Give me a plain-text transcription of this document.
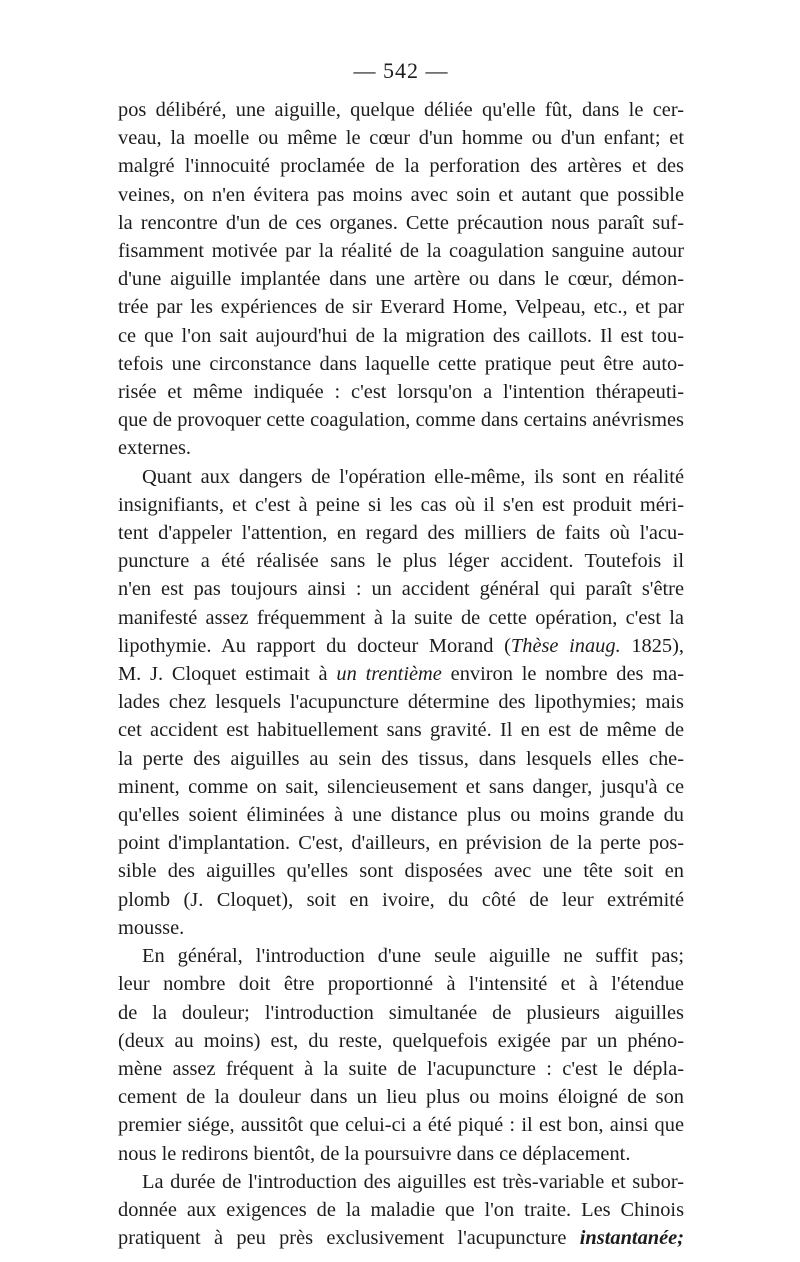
— 542 —

pos délibéré, une aiguille, quelque déliée qu'elle fût, dans le cer-
veau, la moelle ou même le cœur d'un homme ou d'un enfant; et
malgré l'innocuité proclamée de la perforation des artères et des
veines, on n'en évitera pas moins avec soin et autant que possible
la rencontre d'un de ces organes. Cette précaution nous paraît suf-
fisamment motivée par la réalité de la coagulation sanguine autour
d'une aiguille implantée dans une artère ou dans le cœur, démon-
trée par les expériences de sir Everard Home, Velpeau, etc., et par
ce que l'on sait aujourd'hui de la migration des caillots. Il est tou-
tefois une circonstance dans laquelle cette pratique peut être auto-
risée et même indiquée : c'est lorsqu'on a l'intention thérapeuti-
que de provoquer cette coagulation, comme dans certains anévrismes
externes.

Quant aux dangers de l'opération elle-même, ils sont en réalité
insignifiants, et c'est à peine si les cas où il s'en est produit méri-
tent d'appeler l'attention, en regard des milliers de faits où l'acu-
puncture a été réalisée sans le plus léger accident. Toutefois il
n'en est pas toujours ainsi : un accident général qui paraît s'être
manifesté assez fréquemment à la suite de cette opération, c'est la
lipothymie. Au rapport du docteur Morand (Thèse inaug. 1825),
M. J. Cloquet estimait à un trentième environ le nombre des ma-
lades chez lesquels l'acupuncture détermine des lipothymies; mais
cet accident est habituellement sans gravité. Il en est de même de
la perte des aiguilles au sein des tissus, dans lesquels elles che-
minent, comme on sait, silencieusement et sans danger, jusqu'à ce
qu'elles soient éliminées à une distance plus ou moins grande du
point d'implantation. C'est, d'ailleurs, en prévision de la perte pos-
sible des aiguilles qu'elles sont disposées avec une tête soit en
plomb (J. Cloquet), soit en ivoire, du côté de leur extrémité
mousse.

En général, l'introduction d'une seule aiguille ne suffit pas;
leur nombre doit être proportionné à l'intensité et à l'étendue
de la douleur; l'introduction simultanée de plusieurs aiguilles
(deux au moins) est, du reste, quelquefois exigée par un phéno-
mène assez fréquent à la suite de l'acupuncture : c'est le dépla-
cement de la douleur dans un lieu plus ou moins éloigné de son
premier siége, aussitôt que celui-ci a été piqué : il est bon, ainsi que
nous le redirons bientôt, de la poursuivre dans ce déplacement.

La durée de l'introduction des aiguilles est très-variable et subor-
donnée aux exigences de la maladie que l'on traite. Les Chinois
pratiquent à peu près exclusivement l'acupuncture instantanée;
